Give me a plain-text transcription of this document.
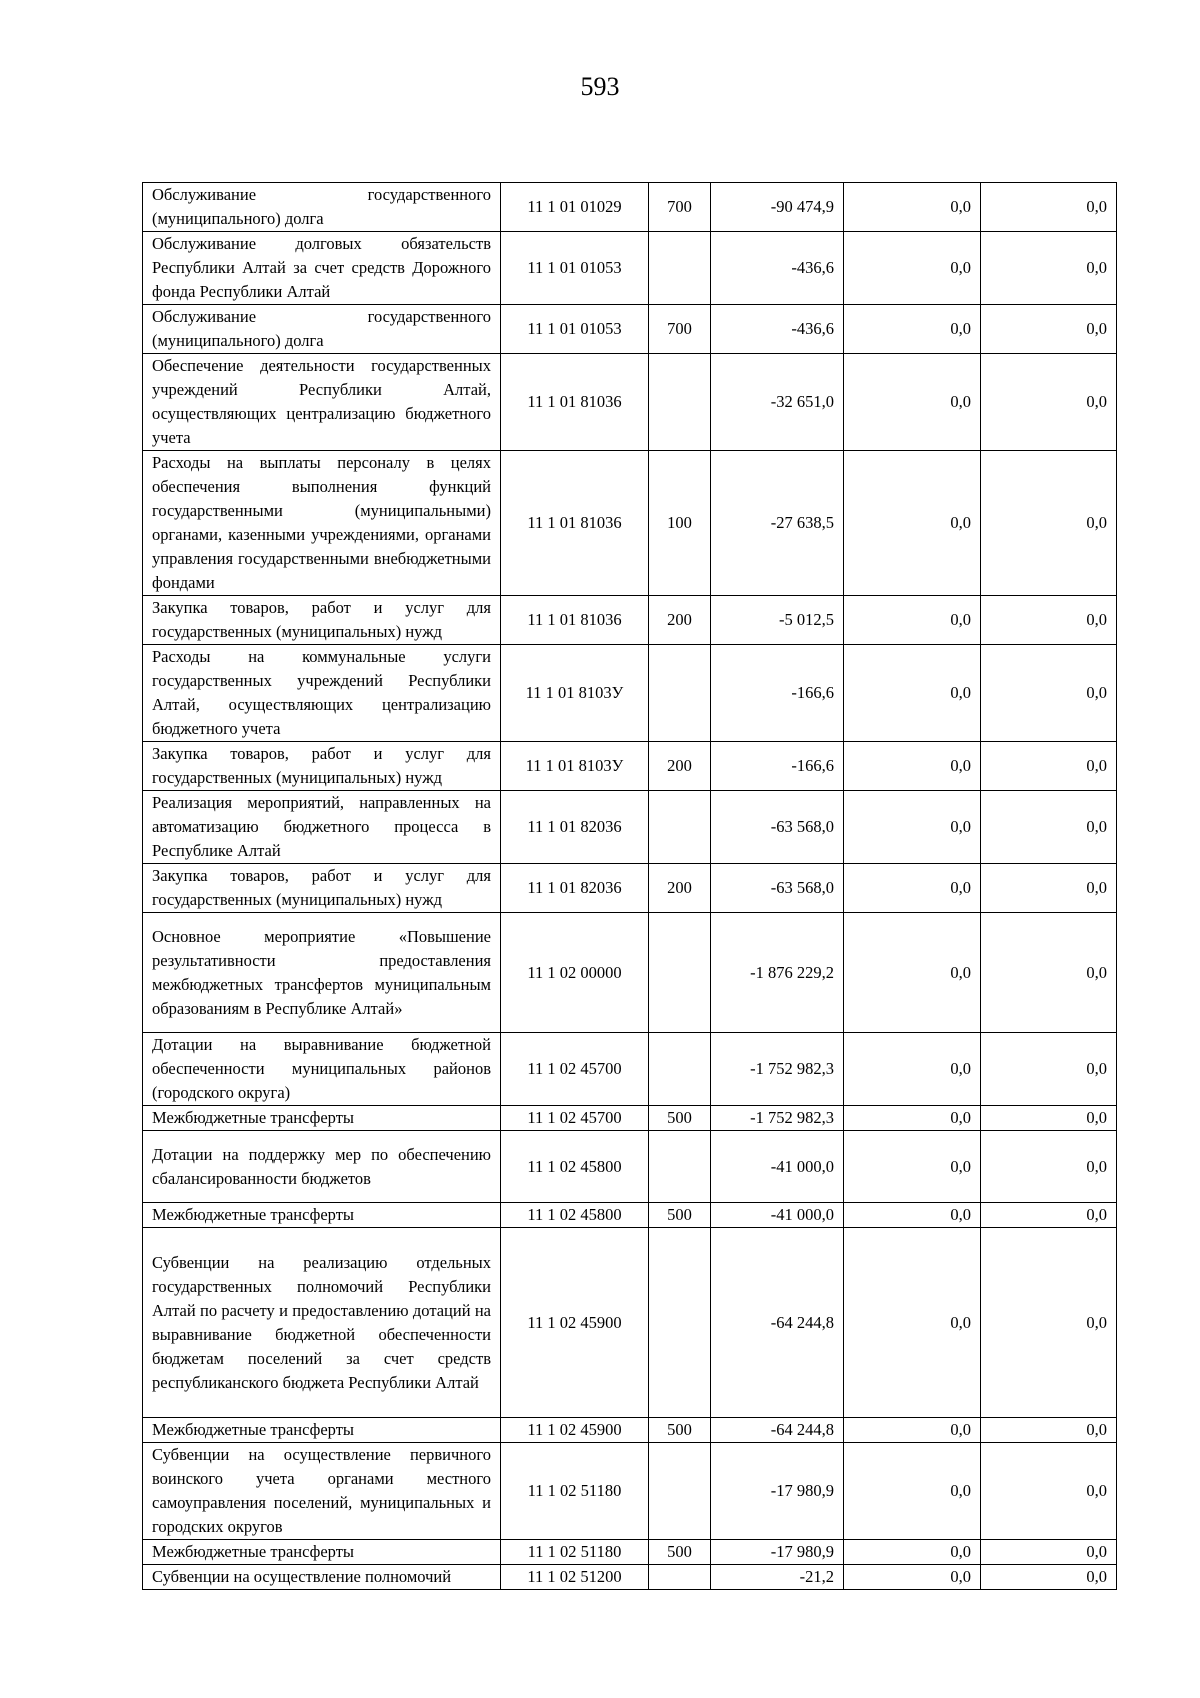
593
Обслуживание государственного (муниципального) долга	11 1 01 01029	700	-90 474,9	0,0	0,0
Обслуживание долговых обязательств Республики Алтай за счет средств Дорожного фонда Республики Алтай	11 1 01 01053		-436,6	0,0	0,0
Обслуживание государственного (муниципального) долга	11 1 01 01053	700	-436,6	0,0	0,0
Обеспечение деятельности государственных учреждений Республики Алтай, осуществляющих централизацию бюджетного учета	11 1 01 81036		-32 651,0	0,0	0,0
Расходы на выплаты персоналу в целях обеспечения выполнения функций государственными (муниципальными) органами, казенными учреждениями, органами управления государственными внебюджетными фондами	11 1 01 81036	100	-27 638,5	0,0	0,0
Закупка товаров, работ и услуг для государственных (муниципальных) нужд	11 1 01 81036	200	-5 012,5	0,0	0,0
Расходы на коммунальные услуги государственных учреждений Республики Алтай, осуществляющих централизацию бюджетного учета	11 1 01 8103У		-166,6	0,0	0,0
Закупка товаров, работ и услуг для государственных (муниципальных) нужд	11 1 01 8103У	200	-166,6	0,0	0,0
Реализация мероприятий, направленных на автоматизацию бюджетного процесса в Республике Алтай	11 1 01 82036		-63 568,0	0,0	0,0
Закупка товаров, работ и услуг для государственных (муниципальных) нужд	11 1 01 82036	200	-63 568,0	0,0	0,0
Основное мероприятие «Повышение результативности предоставления межбюджетных трансфертов муниципальным образованиям в Республике Алтай»	11 1 02 00000		-1 876 229,2	0,0	0,0
Дотации на выравнивание бюджетной обеспеченности муниципальных районов (городского округа)	11 1 02 45700		-1 752 982,3	0,0	0,0
Межбюджетные трансферты	11 1 02 45700	500	-1 752 982,3	0,0	0,0
Дотации на поддержку мер по обеспечению сбалансированности бюджетов	11 1 02 45800		-41 000,0	0,0	0,0
Межбюджетные трансферты	11 1 02 45800	500	-41 000,0	0,0	0,0
Субвенции на реализацию отдельных государственных полномочий Республики Алтай по расчету и предоставлению дотаций на выравнивание бюджетной обеспеченности бюджетам поселений за счет средств республиканского бюджета Республики Алтай	11 1 02 45900		-64 244,8	0,0	0,0
Межбюджетные трансферты	11 1 02 45900	500	-64 244,8	0,0	0,0
Субвенции на осуществление первичного воинского учета органами местного самоуправления поселений, муниципальных и городских округов	11 1 02 51180		-17 980,9	0,0	0,0
Межбюджетные трансферты	11 1 02 51180	500	-17 980,9	0,0	0,0
Субвенции на осуществление полномочий	11 1 02 51200		-21,2	0,0	0,0
